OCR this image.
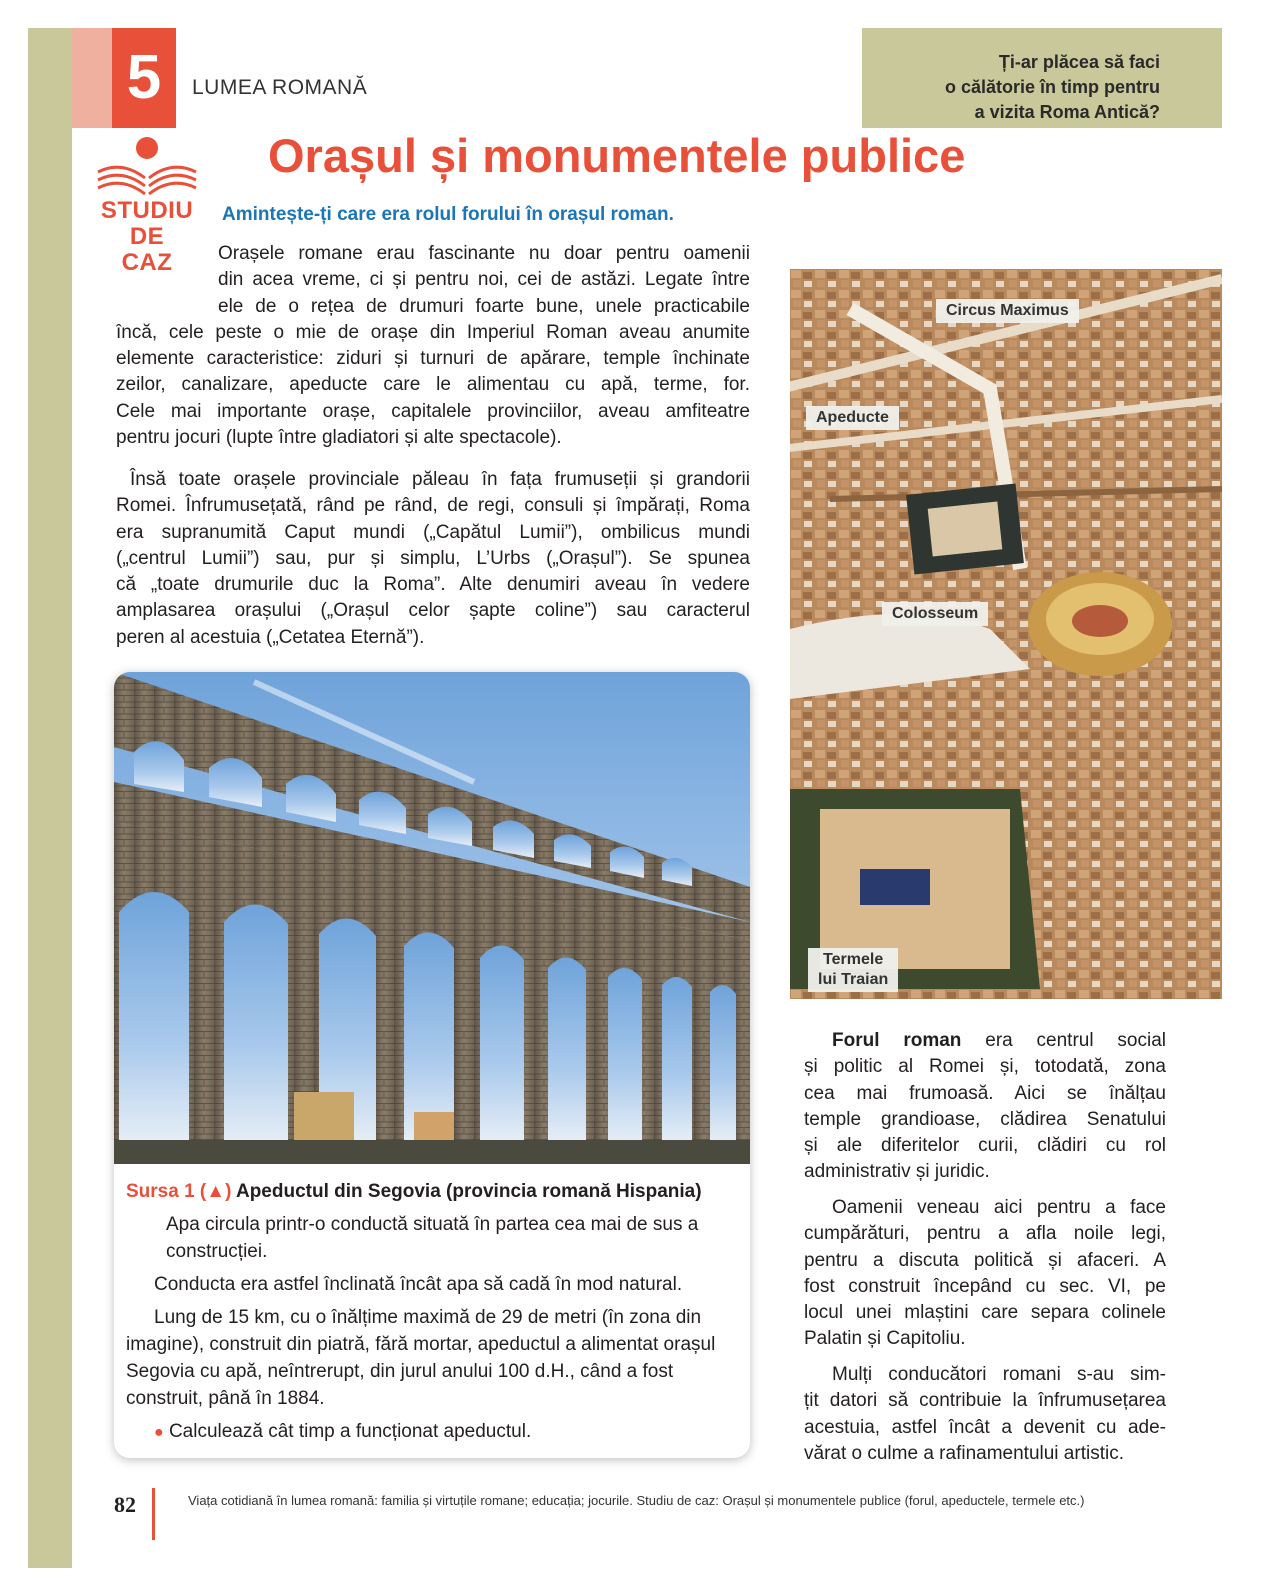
5	LUMEA ROMANĂ
Ți-ar plăcea să faci
o călătorie în timp pentru
a vizita Roma Antică?
STUDIU
DE
CAZ
Orașul și monumentele publice
Amintește-ți care era rolul forului în orașul roman.
Orașele romane erau fascinante nu doar pentru oamenii
din acea vreme, ci și pentru noi, cei de astăzi. Legate între
ele de o rețea de drumuri foarte bune, unele practicabile
încă, cele peste o mie de orașe din Imperiul Roman aveau anumite
elemente caracteristice: ziduri și turnuri de apărare, temple închinate
zeilor, canalizare, apeducte care le alimentau cu apă, terme, for.
Cele mai importante orașe, capitalele provinciilor, aveau amfiteatre
pentru jocuri (lupte între gladiatori și alte spectacole).
Însă toate orașele provinciale păleau în fața frumuseții și grandorii
Romei. Înfrumusețată, rând pe rând, de regi, consuli și împărați, Roma
era supranumită Caput mundi („Capătul Lumii”), ombilicus mundi
(„centrul Lumii”) sau, pur și simplu, L’Urbs („Orașul”). Se spunea
că „toate drumurile duc la Roma”. Alte denumiri aveau în vedere
amplasarea orașului („Orașul celor șapte coline”) sau caracterul
peren al acestuia („Cetatea Eternă”).
Sursa 1 (▲) Apeductul din Segovia (provincia romană Hispania)

Apa circula printr-o conductă situată în partea cea mai de sus a construcției.

Conducta era astfel înclinată încât apa să cadă în mod natural.

Lung de 15 km, cu o înălțime maximă de 29 de metri (în zona din imagine), construit din piatră, fără mortar, apeductul a alimentat orașul Segovia cu apă, neîntrerupt, din jurul anului 100 d.H., când a fost construit, până în 1884.

● Calculează cât timp a funcționat apeductul.

Circus Maximus
Apeducte
Colosseum
Termele
lui Traian
Forul roman era centrul social
și politic al Romei și, totodată, zona
cea mai frumoasă. Aici se înălțau
temple grandioase, clădirea Senatului
și ale diferitelor curii, clădiri cu rol
administrativ și juridic.
Oamenii veneau aici pentru a face
cumpărături, pentru a afla noile legi,
pentru a discuta politică și afaceri. A
fost construit începând cu sec. VI, pe
locul unei mlaștini care separa colinele
Palatin și Capitoliu.
Mulți conducători romani s-au sim-
țit datori să contribuie la înfrumusețarea
acestuia, astfel încât a devenit cu ade-
vărat o culme a rafinamentului artistic.
82	Viața cotidiană în lumea romană: familia și virtuțile romane; educația; jocurile. Studiu de caz: Orașul și monumentele publice (forul, apeductele, termele etc.)
